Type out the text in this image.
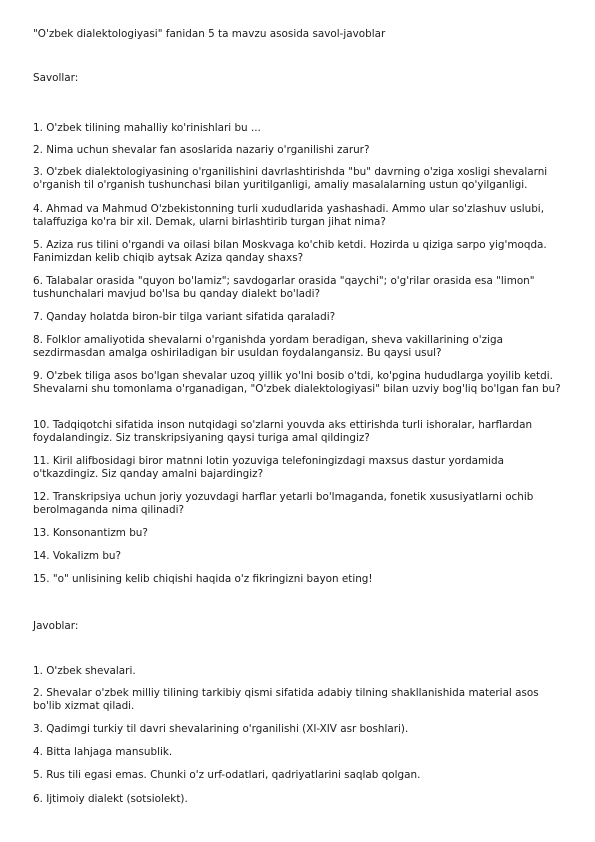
"O'zbek dialektologiyasi" fanidan 5 ta mavzu asosida savol-javoblar

Savollar:

1. O'zbek tilining mahalliy ko'rinishlari bu ...

2. Nima uchun shevalar fan asoslarida nazariy o'rganilishi zarur?

3. O'zbek dialektologiyasining o'rganilishini davrlashtirishda "bu" davrning o'ziga xosligi shevalarni o'rganish til o'rganish tushunchasi bilan yuritilganligi, amaliy masalalarning ustun qo'yilganligi.

4. Ahmad va Mahmud O'zbekistonning turli xududlarida yashashadi. Ammo ular so'zlashuv uslubi, talaffuziga ko'ra bir xil. Demak, ularni birlashtirib turgan jihat nima?

5. Aziza rus tilini o'rgandi va oilasi bilan Moskvaga ko'chib ketdi. Hozirda u qiziga sarpo yig'moqda. Fanimizdan kelib chiqib aytsak Aziza qanday shaxs?

6. Talabalar orasida "quyon bo'lamiz"; savdogarlar orasida "qaychi"; o'g'rilar orasida esa "limon" tushunchalari mavjud bo'lsa bu qanday dialekt bo'ladi?

7. Qanday holatda biron-bir tilga variant sifatida qaraladi?

8. Folklor amaliyotida shevalarni o'rganishda yordam beradigan, sheva vakillarining o'ziga sezdirmasdan amalga oshiriladigan bir usuldan foydalangansiz. Bu qaysi usul?

9. O'zbek tiliga asos bo'lgan shevalar uzoq yillik yo'lni bosib o'tdi, ko'pgina hududlarga yoyilib ketdi. Shevalarni shu tomonlama o'rganadigan, "O'zbek dialektologiyasi" bilan uzviy bog'liq bo'lgan fan bu?

10. Tadqiqotchi sifatida inson nutqidagi so'zlarni youvda aks ettirishda turli ishoralar, harflardan foydalandingiz. Siz transkripsiyaning qaysi turiga amal qildingiz?

11. Kiril alifbosidagi biror matnni lotin yozuviga telefoningizdagi maxsus dastur yordamida o'tkazdingiz. Siz qanday amalni bajardingiz?

12. Transkripsiya uchun joriy yozuvdagi harflar yetarli bo'lmaganda, fonetik xususiyatlarni ochib berolmaganda nima qilinadi?

13. Konsonantizm bu?

14. Vokalizm bu?

15. "o" unlisining kelib chiqishi haqida o'z fikringizni bayon eting!

Javoblar:

1. O'zbek shevalari.

2. Shevalar o'zbek milliy tilining tarkibiy qismi sifatida adabiy tilning shakllanishida material asos bo'lib xizmat qiladi.

3. Qadimgi turkiy til davri shevalarining o'rganilishi (XI-XIV asr boshlari).

4. Bitta lahjaga mansublik.

5. Rus tili egasi emas. Chunki o'z urf-odatlari, qadriyatlarini saqlab qolgan.

6. Ijtimoiy dialekt (sotsiolekt).
